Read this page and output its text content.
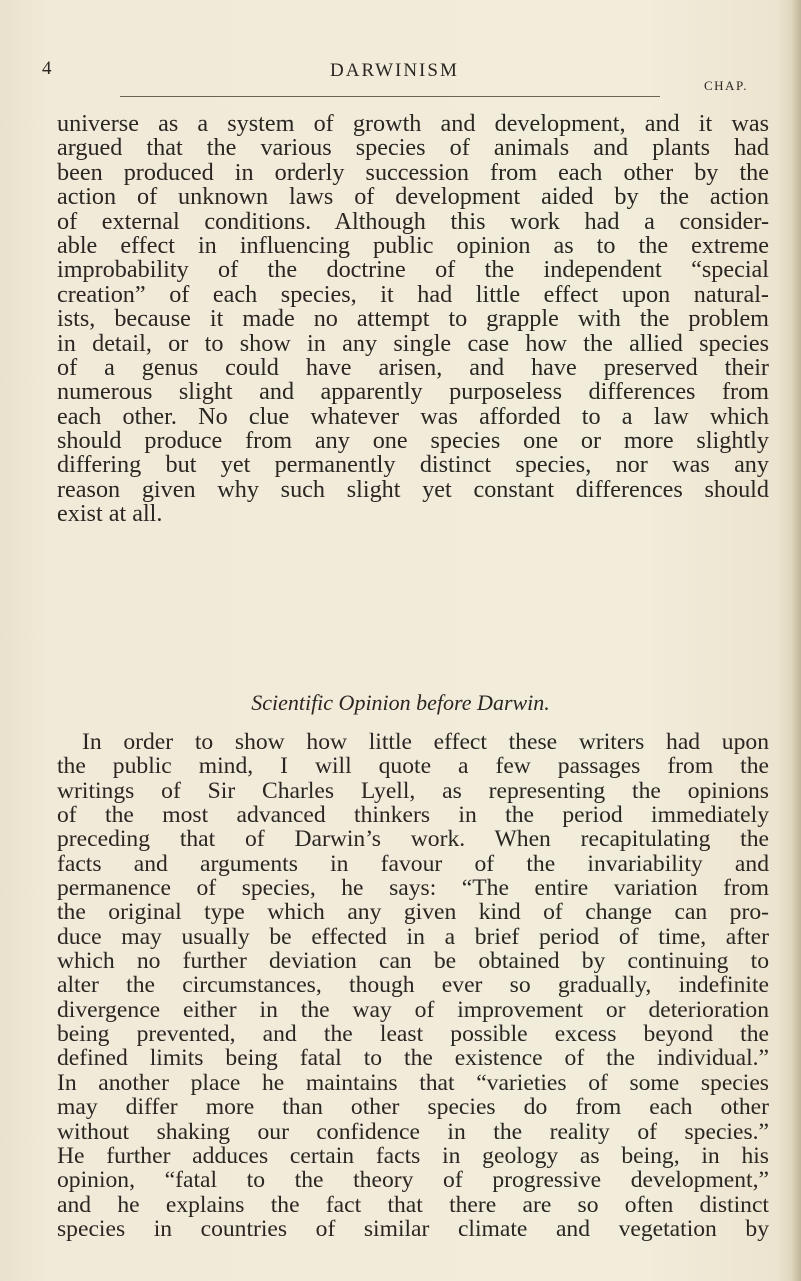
4	DARWINISM
CHAP.
universe as a system of growth and development, and it was
argued that the various species of animals and plants had
been produced in orderly succession from each other by the
action of unknown laws of development aided by the action
of external conditions. Although this work had a consider-
able effect in influencing public opinion as to the extreme
improbability of the doctrine of the independent “special
creation” of each species, it had little effect upon natural-
ists, because it made no attempt to grapple with the problem
in detail, or to show in any single case how the allied species
of a genus could have arisen, and have preserved their
numerous slight and apparently purposeless differences from
each other. No clue whatever was afforded to a law which
should produce from any one species one or more slightly
differing but yet permanently distinct species, nor was any
reason given why such slight yet constant differences should
exist at all.
Scientific Opinion before Darwin.
In order to show how little effect these writers had upon
the public mind, I will quote a few passages from the
writings of Sir Charles Lyell, as representing the opinions
of the most advanced thinkers in the period immediately
preceding that of Darwin’s work. When recapitulating the
facts and arguments in favour of the invariability and
permanence of species, he says: “The entire variation from
the original type which any given kind of change can pro-
duce may usually be effected in a brief period of time, after
which no further deviation can be obtained by continuing to
alter the circumstances, though ever so gradually, indefinite
divergence either in the way of improvement or deterioration
being prevented, and the least possible excess beyond the
defined limits being fatal to the existence of the individual.”
In another place he maintains that “varieties of some species
may differ more than other species do from each other
without shaking our confidence in the reality of species.”
He further adduces certain facts in geology as being, in his
opinion, “fatal to the theory of progressive development,”
and he explains the fact that there are so often distinct
species in countries of similar climate and vegetation by
